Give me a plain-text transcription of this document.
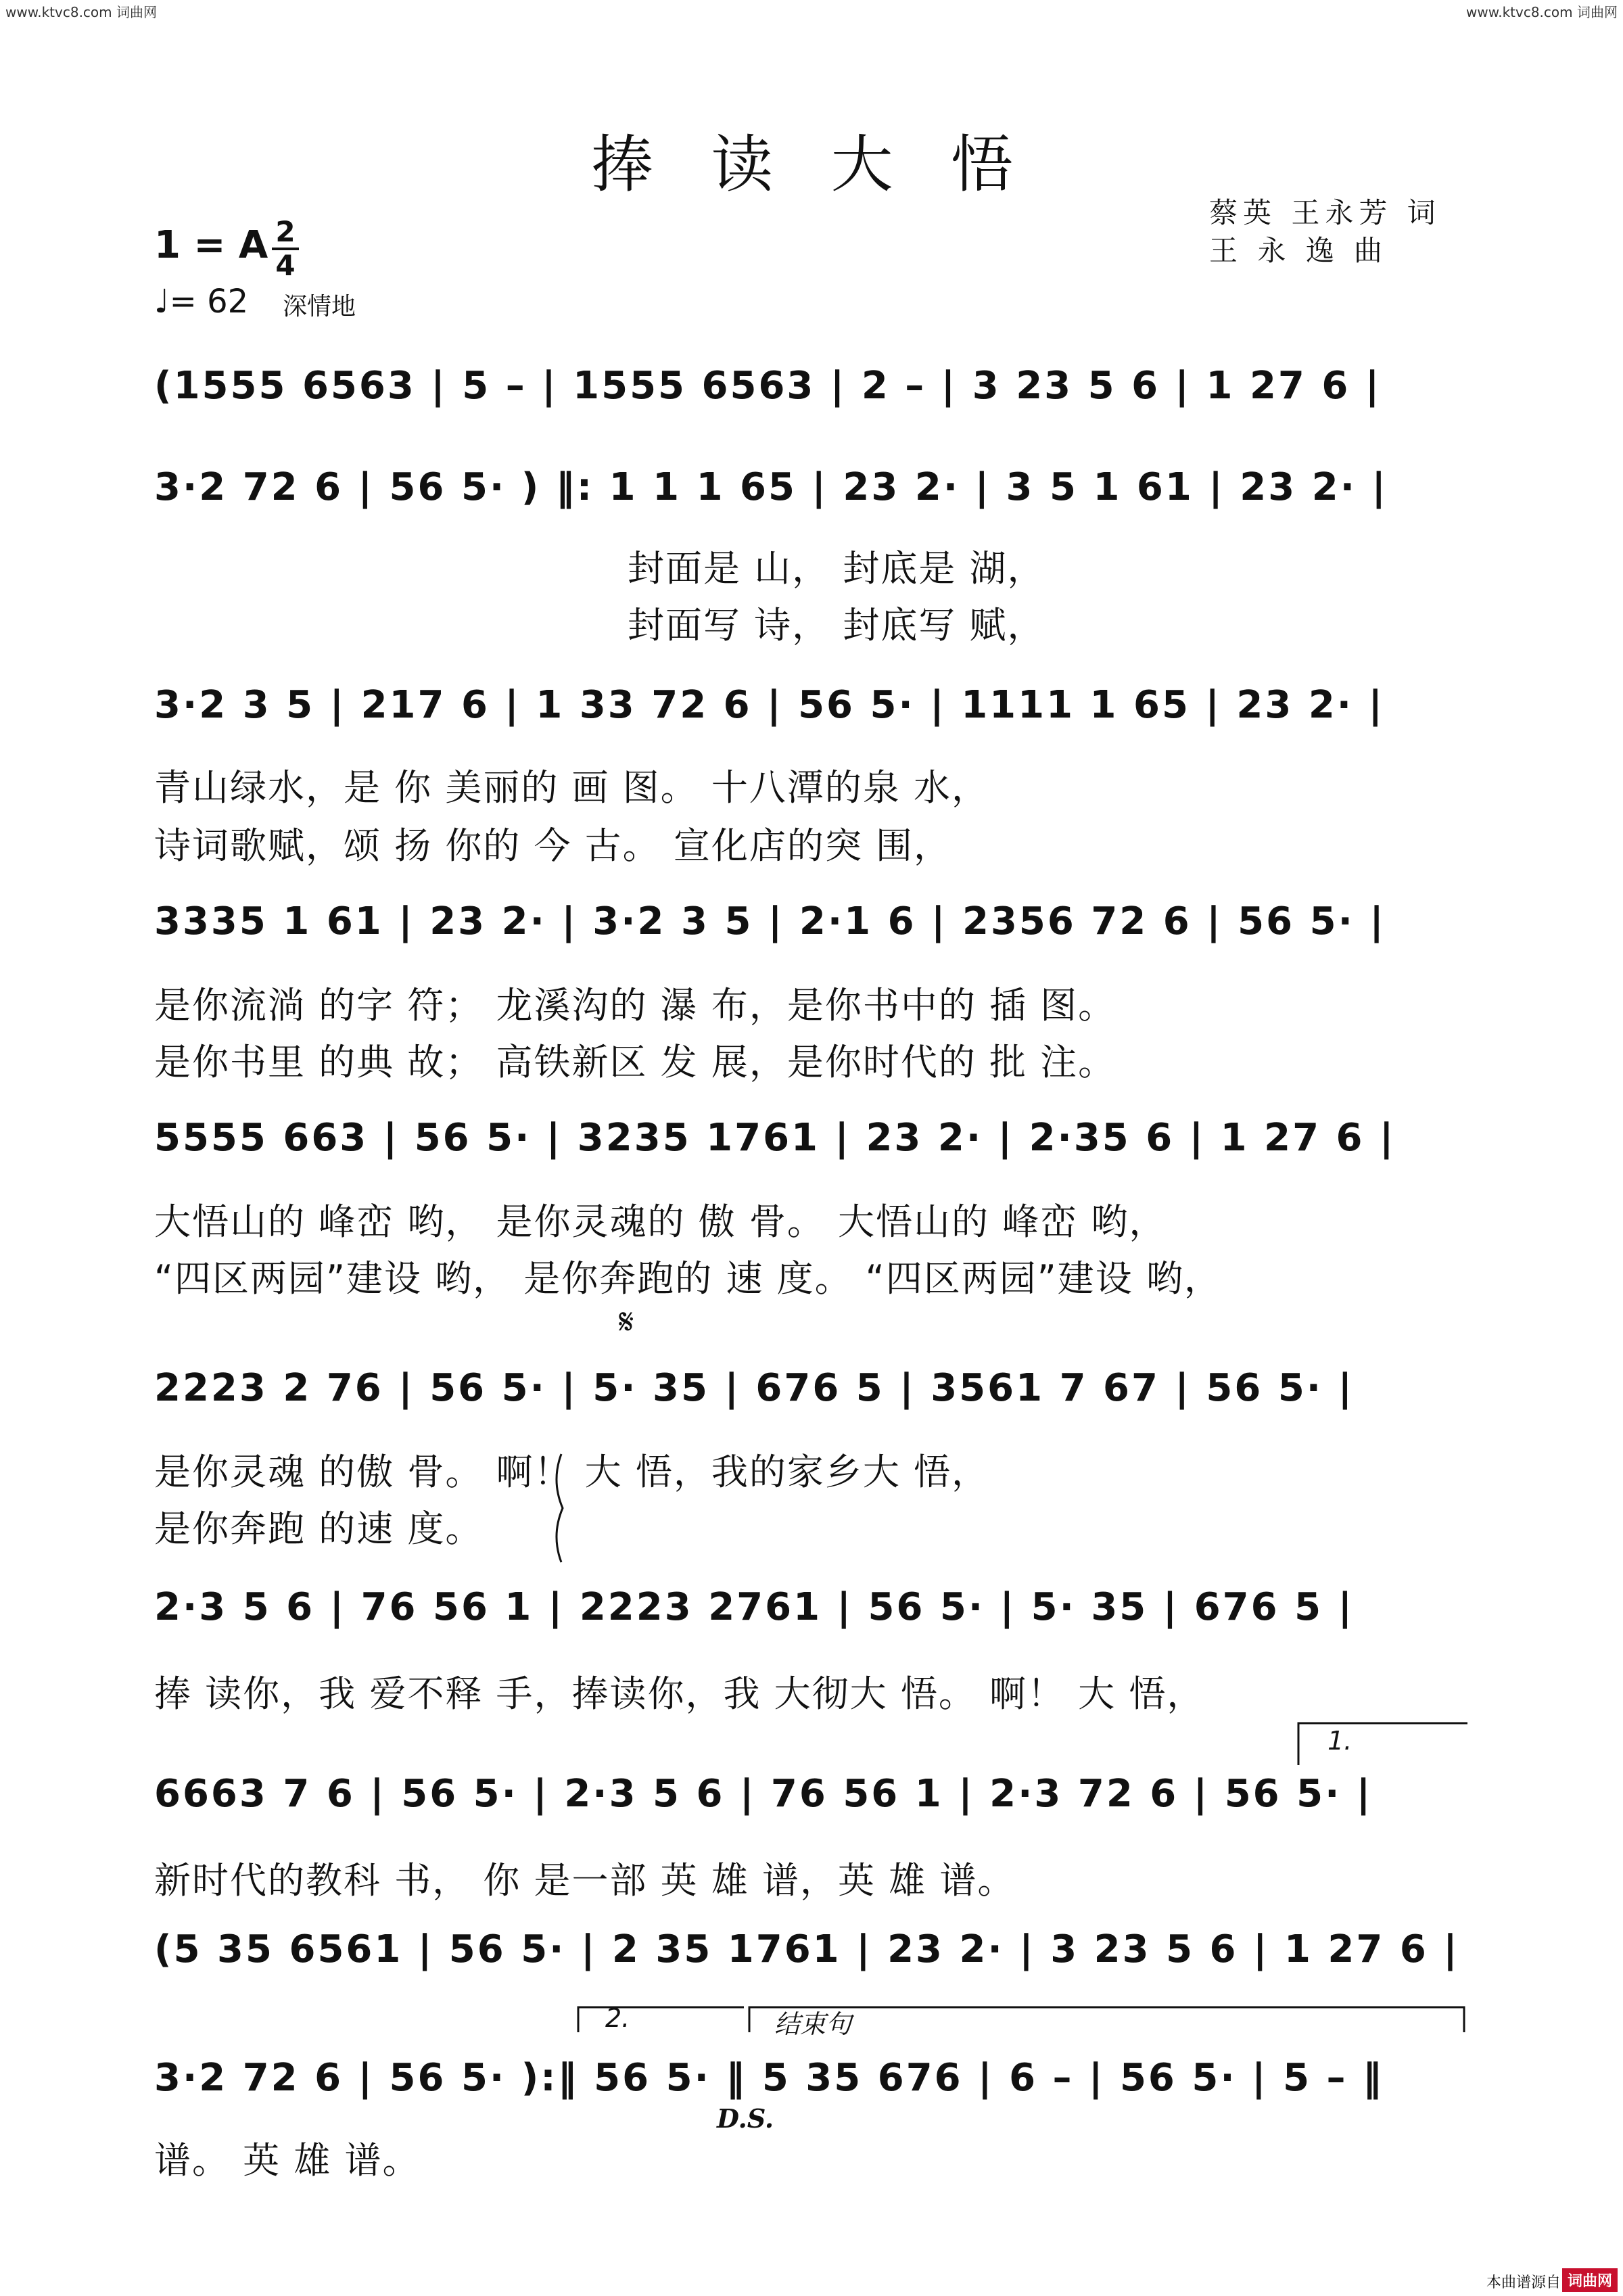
www.ktvc8.com 词曲网	www.ktvc8.com 词曲网
捧 读 大 悟
蔡英 王永芳 词
王 永 逸 曲
1 = A 2
4
♩= 62 深情地
𝄋
1.
2.	结束句
D.S.
(1555 6563 | 5 – | 1555 6563 | 2 – | 3 23 5 6 | 1 27 6 |
3·2 72 6 | 56 5· ) ‖: 1 1 1 65 | 23 2· | 3 5 1 61 | 23 2· |
封面是 山， 封底是 湖，
封面写 诗， 封底写 赋，
3·2 3 5 | 217 6 | 1 33 72 6 | 56 5· | 1111 1 65 | 23 2· |
青山绿水，是 你 美丽的 画 图。 十八潭的泉 水，
诗词歌赋，颂 扬 你的 今 古。 宣化店的突 围，
3335 1 61 | 23 2· | 3·2 3 5 | 2·1 6 | 2356 72 6 | 56 5· |
是你流淌 的字 符； 龙溪沟的 瀑 布，是你书中的 插 图。
是你书里 的典 故； 高铁新区 发 展，是你时代的 批 注。
5555 663 | 56 5· | 3235 1761 | 23 2· | 2·35 6 | 1 27 6 |
大悟山的 峰峦 哟， 是你灵魂的 傲 骨。 大悟山的 峰峦 哟，
“四区两园”建设 哟， 是你奔跑的 速 度。 “四区两园”建设 哟，
2223 2 76 | 56 5· | 5· 35 | 676 5 | 3561 7 67 | 56 5· |
是你灵魂 的傲 骨。 啊！ 大 悟，我的家乡大 悟，
是你奔跑 的速 度。
2·3 5 6 | 76 56 1 | 2223 2761 | 56 5· | 5· 35 | 676 5 |
捧 读你，我 爱不释 手，捧读你，我 大彻大 悟。 啊！ 大 悟，
6663 7 6 | 56 5· | 2·3 5 6 | 76 56 1 | 2·3 72 6 | 56 5· |
新时代的教科 书， 你 是一部 英 雄 谱，英 雄 谱。
(5 35 6561 | 56 5· | 2 35 1761 | 23 2· | 3 23 5 6 | 1 27 6 |
3·2 72 6 | 56 5· ):‖ 56 5· ‖ 5 35 676 | 6 – | 56 5· | 5 – ‖
谱。 英 雄 谱。
本曲谱源自 词曲网
